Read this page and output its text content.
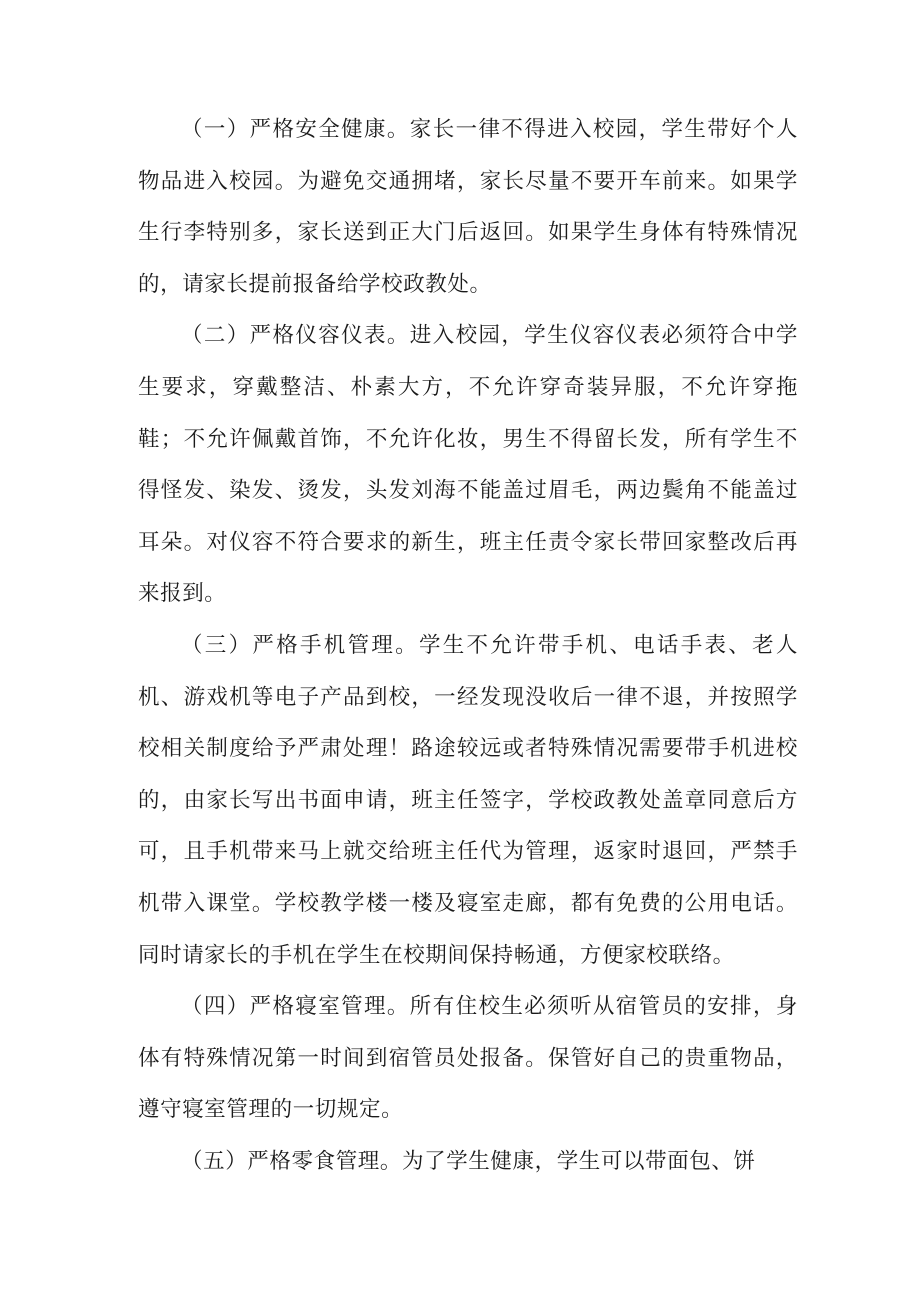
（一）严格安全健康。家长一律不得进入校园，学生带好个人物品进入校园。为避免交通拥堵，家长尽量不要开车前来。如果学生行李特别多，家长送到正大门后返回。如果学生身体有特殊情况的，请家长提前报备给学校政教处。

（二）严格仪容仪表。进入校园，学生仪容仪表必须符合中学生要求，穿戴整洁、朴素大方，不允许穿奇装异服，不允许穿拖鞋；不允许佩戴首饰，不允许化妆，男生不得留长发，所有学生不得怪发、染发、烫发，头发刘海不能盖过眉毛，两边鬓角不能盖过耳朵。对仪容不符合要求的新生，班主任责令家长带回家整改后再来报到。

（三）严格手机管理。学生不允许带手机、电话手表、老人机、游戏机等电子产品到校，一经发现没收后一律不退，并按照学校相关制度给予严肃处理！路途较远或者特殊情况需要带手机进校的，由家长写出书面申请，班主任签字，学校政教处盖章同意后方可，且手机带来马上就交给班主任代为管理，返家时退回，严禁手机带入课堂。学校教学楼一楼及寝室走廊，都有免费的公用电话。同时请家长的手机在学生在校期间保持畅通，方便家校联络。

（四）严格寝室管理。所有住校生必须听从宿管员的安排，身体有特殊情况第一时间到宿管员处报备。保管好自己的贵重物品，遵守寝室管理的一切规定。

（五）严格零食管理。为了学生健康，学生可以带面包、饼
